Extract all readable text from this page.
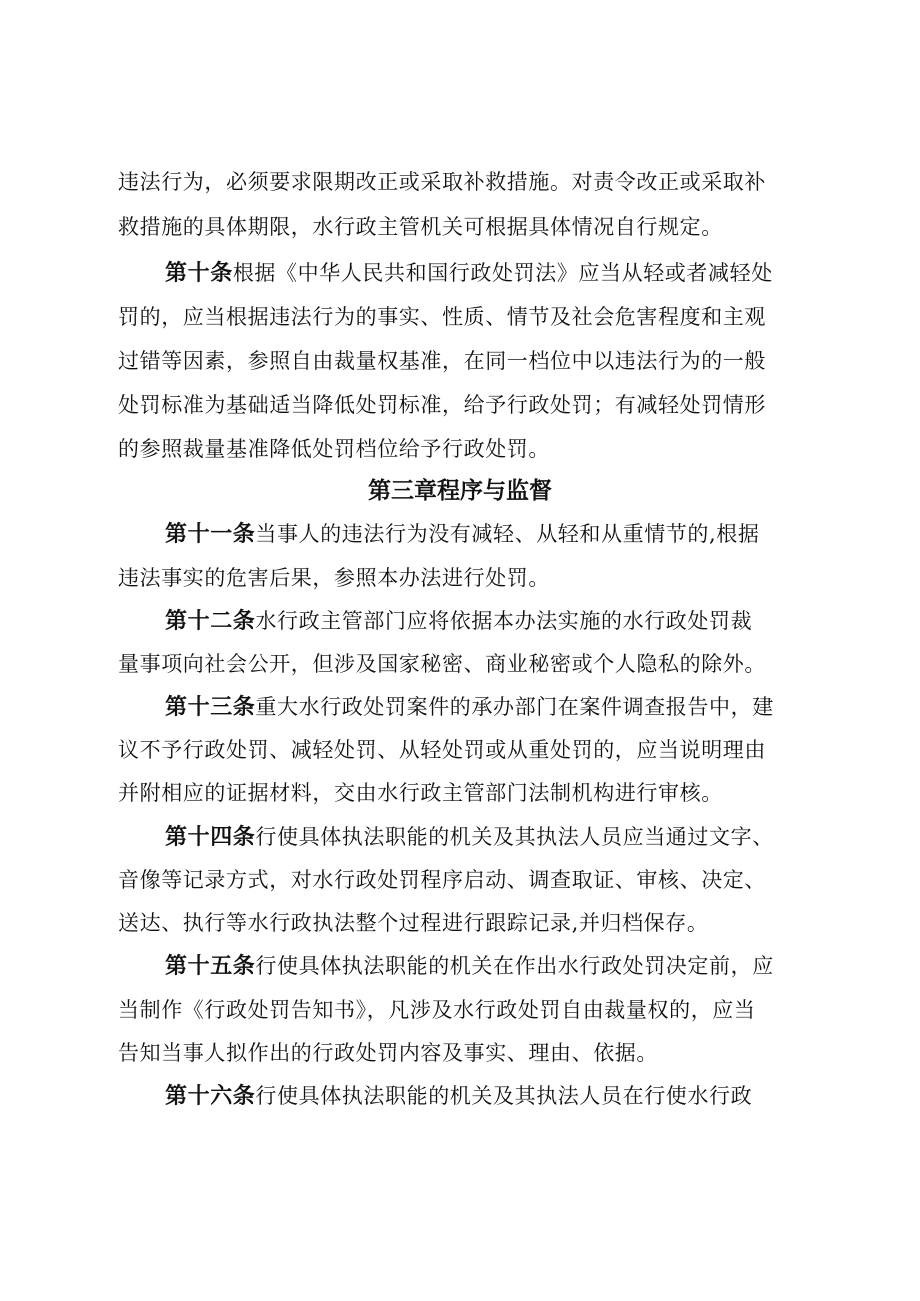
违法行为，必须要求限期改正或采取补救措施。对责令改正或采取补
救措施的具体期限，水行政主管机关可根据具体情况自行规定。
第十条根据《中华人民共和国行政处罚法》应当从轻或者减轻处
罚的，应当根据违法行为的事实、性质、情节及社会危害程度和主观
过错等因素，参照自由裁量权基准，在同一档位中以违法行为的一般
处罚标准为基础适当降低处罚标准，给予行政处罚；有减轻处罚情形
的参照裁量基准降低处罚档位给予行政处罚。
第三章程序与监督
第十一条当事人的违法行为没有减轻、从轻和从重情节的,根据
违法事实的危害后果，参照本办法进行处罚。
第十二条水行政主管部门应将依据本办法实施的水行政处罚裁
量事项向社会公开，但涉及国家秘密、商业秘密或个人隐私的除外。
第十三条重大水行政处罚案件的承办部门在案件调查报告中，建
议不予行政处罚、减轻处罚、从轻处罚或从重处罚的，应当说明理由
并附相应的证据材料，交由水行政主管部门法制机构进行审核。
第十四条行使具体执法职能的机关及其执法人员应当通过文字、
音像等记录方式，对水行政处罚程序启动、调查取证、审核、决定、
送达、执行等水行政执法整个过程进行跟踪记录,并归档保存。
第十五条行使具体执法职能的机关在作出水行政处罚决定前，应
当制作《行政处罚告知书》，凡涉及水行政处罚自由裁量权的，应当
告知当事人拟作出的行政处罚内容及事实、理由、依据。
第十六条行使具体执法职能的机关及其执法人员在行使水行政
